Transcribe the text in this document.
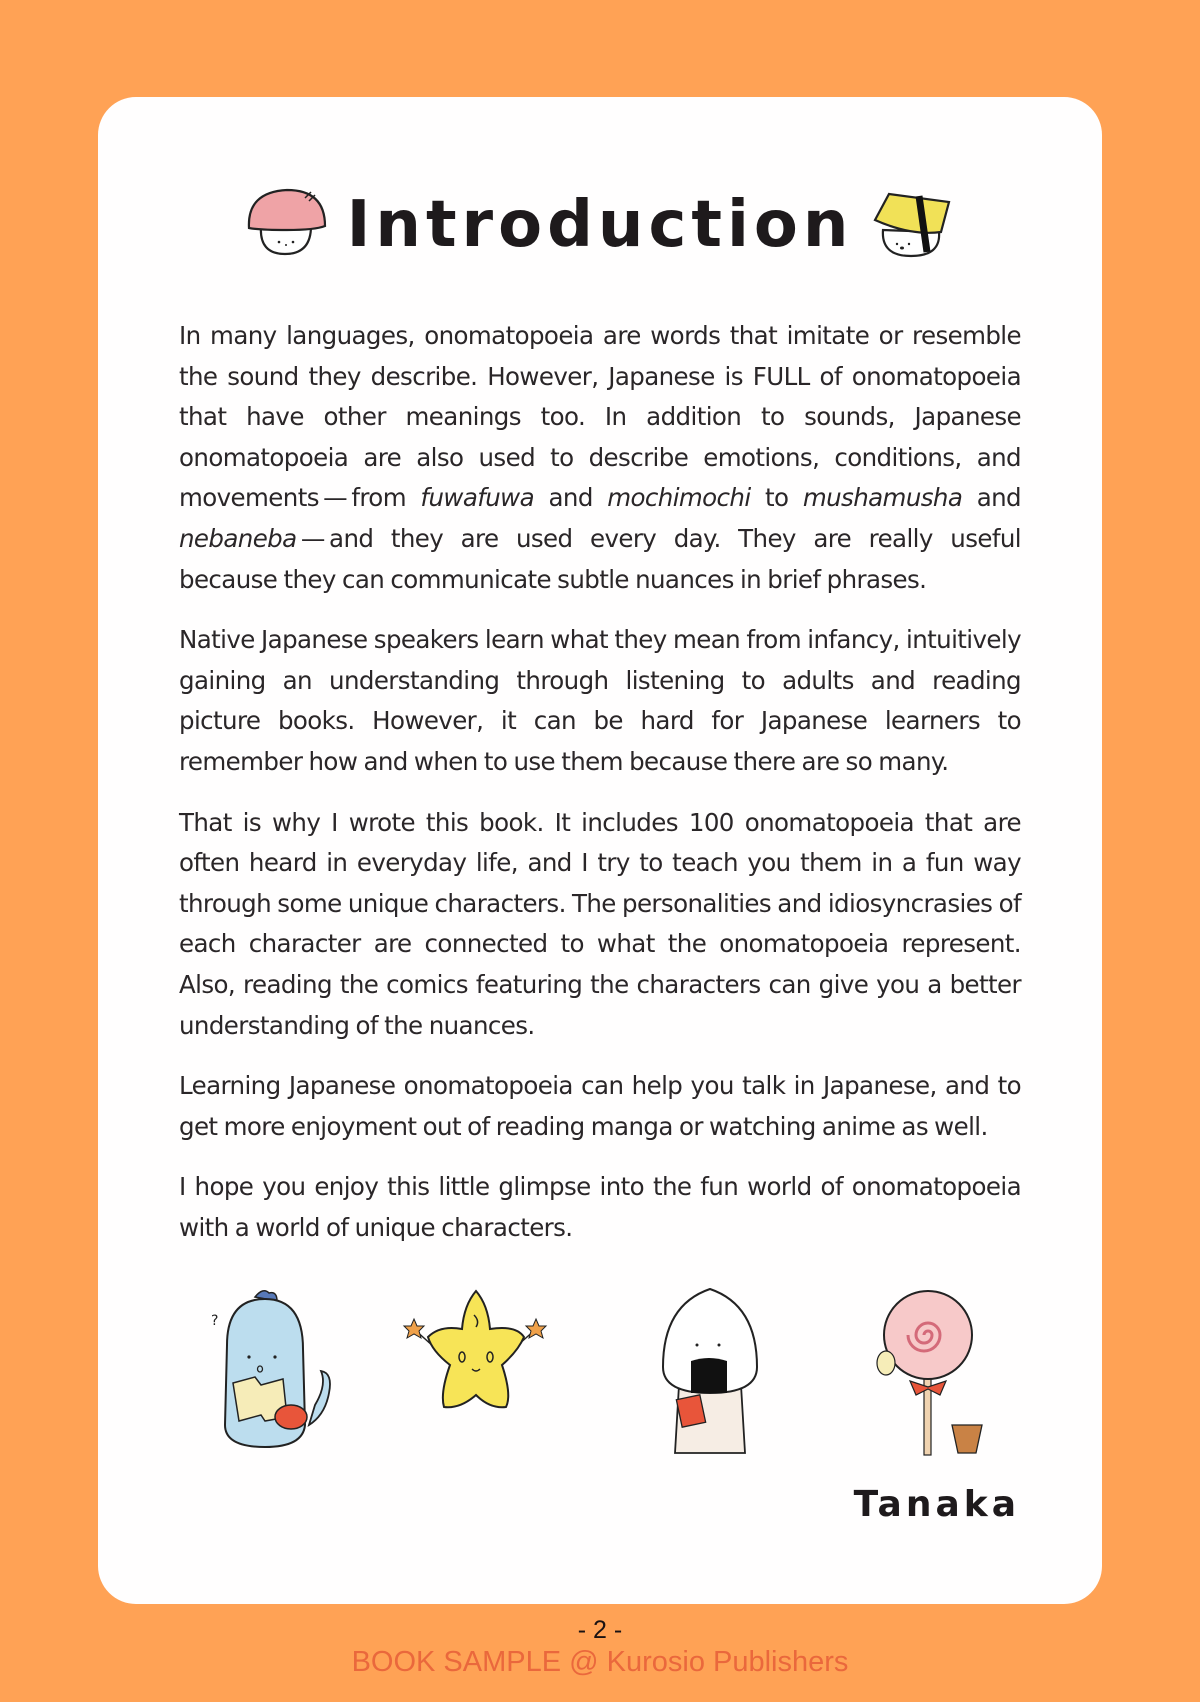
Introduction

In many languages, onomatopoeia are words that imitate or resemble the sound they describe. However, Japanese is FULL of onomatopoeia that have other meanings too. In addition to sounds, Japanese onomatopoeia are also used to describe emotions, conditions, and movements — from fuwafuwa and mochimochi to mushamusha and nebaneba — and they are used every day. They are really useful because they can communicate subtle nuances in brief phrases.

Native Japanese speakers learn what they mean from infancy, intuitively gaining an understanding through listening to adults and reading picture books. However, it can be hard for Japanese learners to remember how and when to use them because there are so many.

That is why I wrote this book. It includes 100 onomatopoeia that are often heard in everyday life, and I try to teach you them in a fun way through some unique characters. The personalities and idiosyncrasies of each character are connected to what the onomatopoeia represent. Also, reading the comics featuring the characters can give you a better understanding of the nuances.

Learning Japanese onomatopoeia can help you talk in Japanese, and to get more enjoyment out of reading manga or watching anime as well.

I hope you enjoy this little glimpse into the fun world of onomatopoeia with a world of unique characters.

?
Tanaka
- 2 -
BOOK SAMPLE @ Kurosio Publishers
